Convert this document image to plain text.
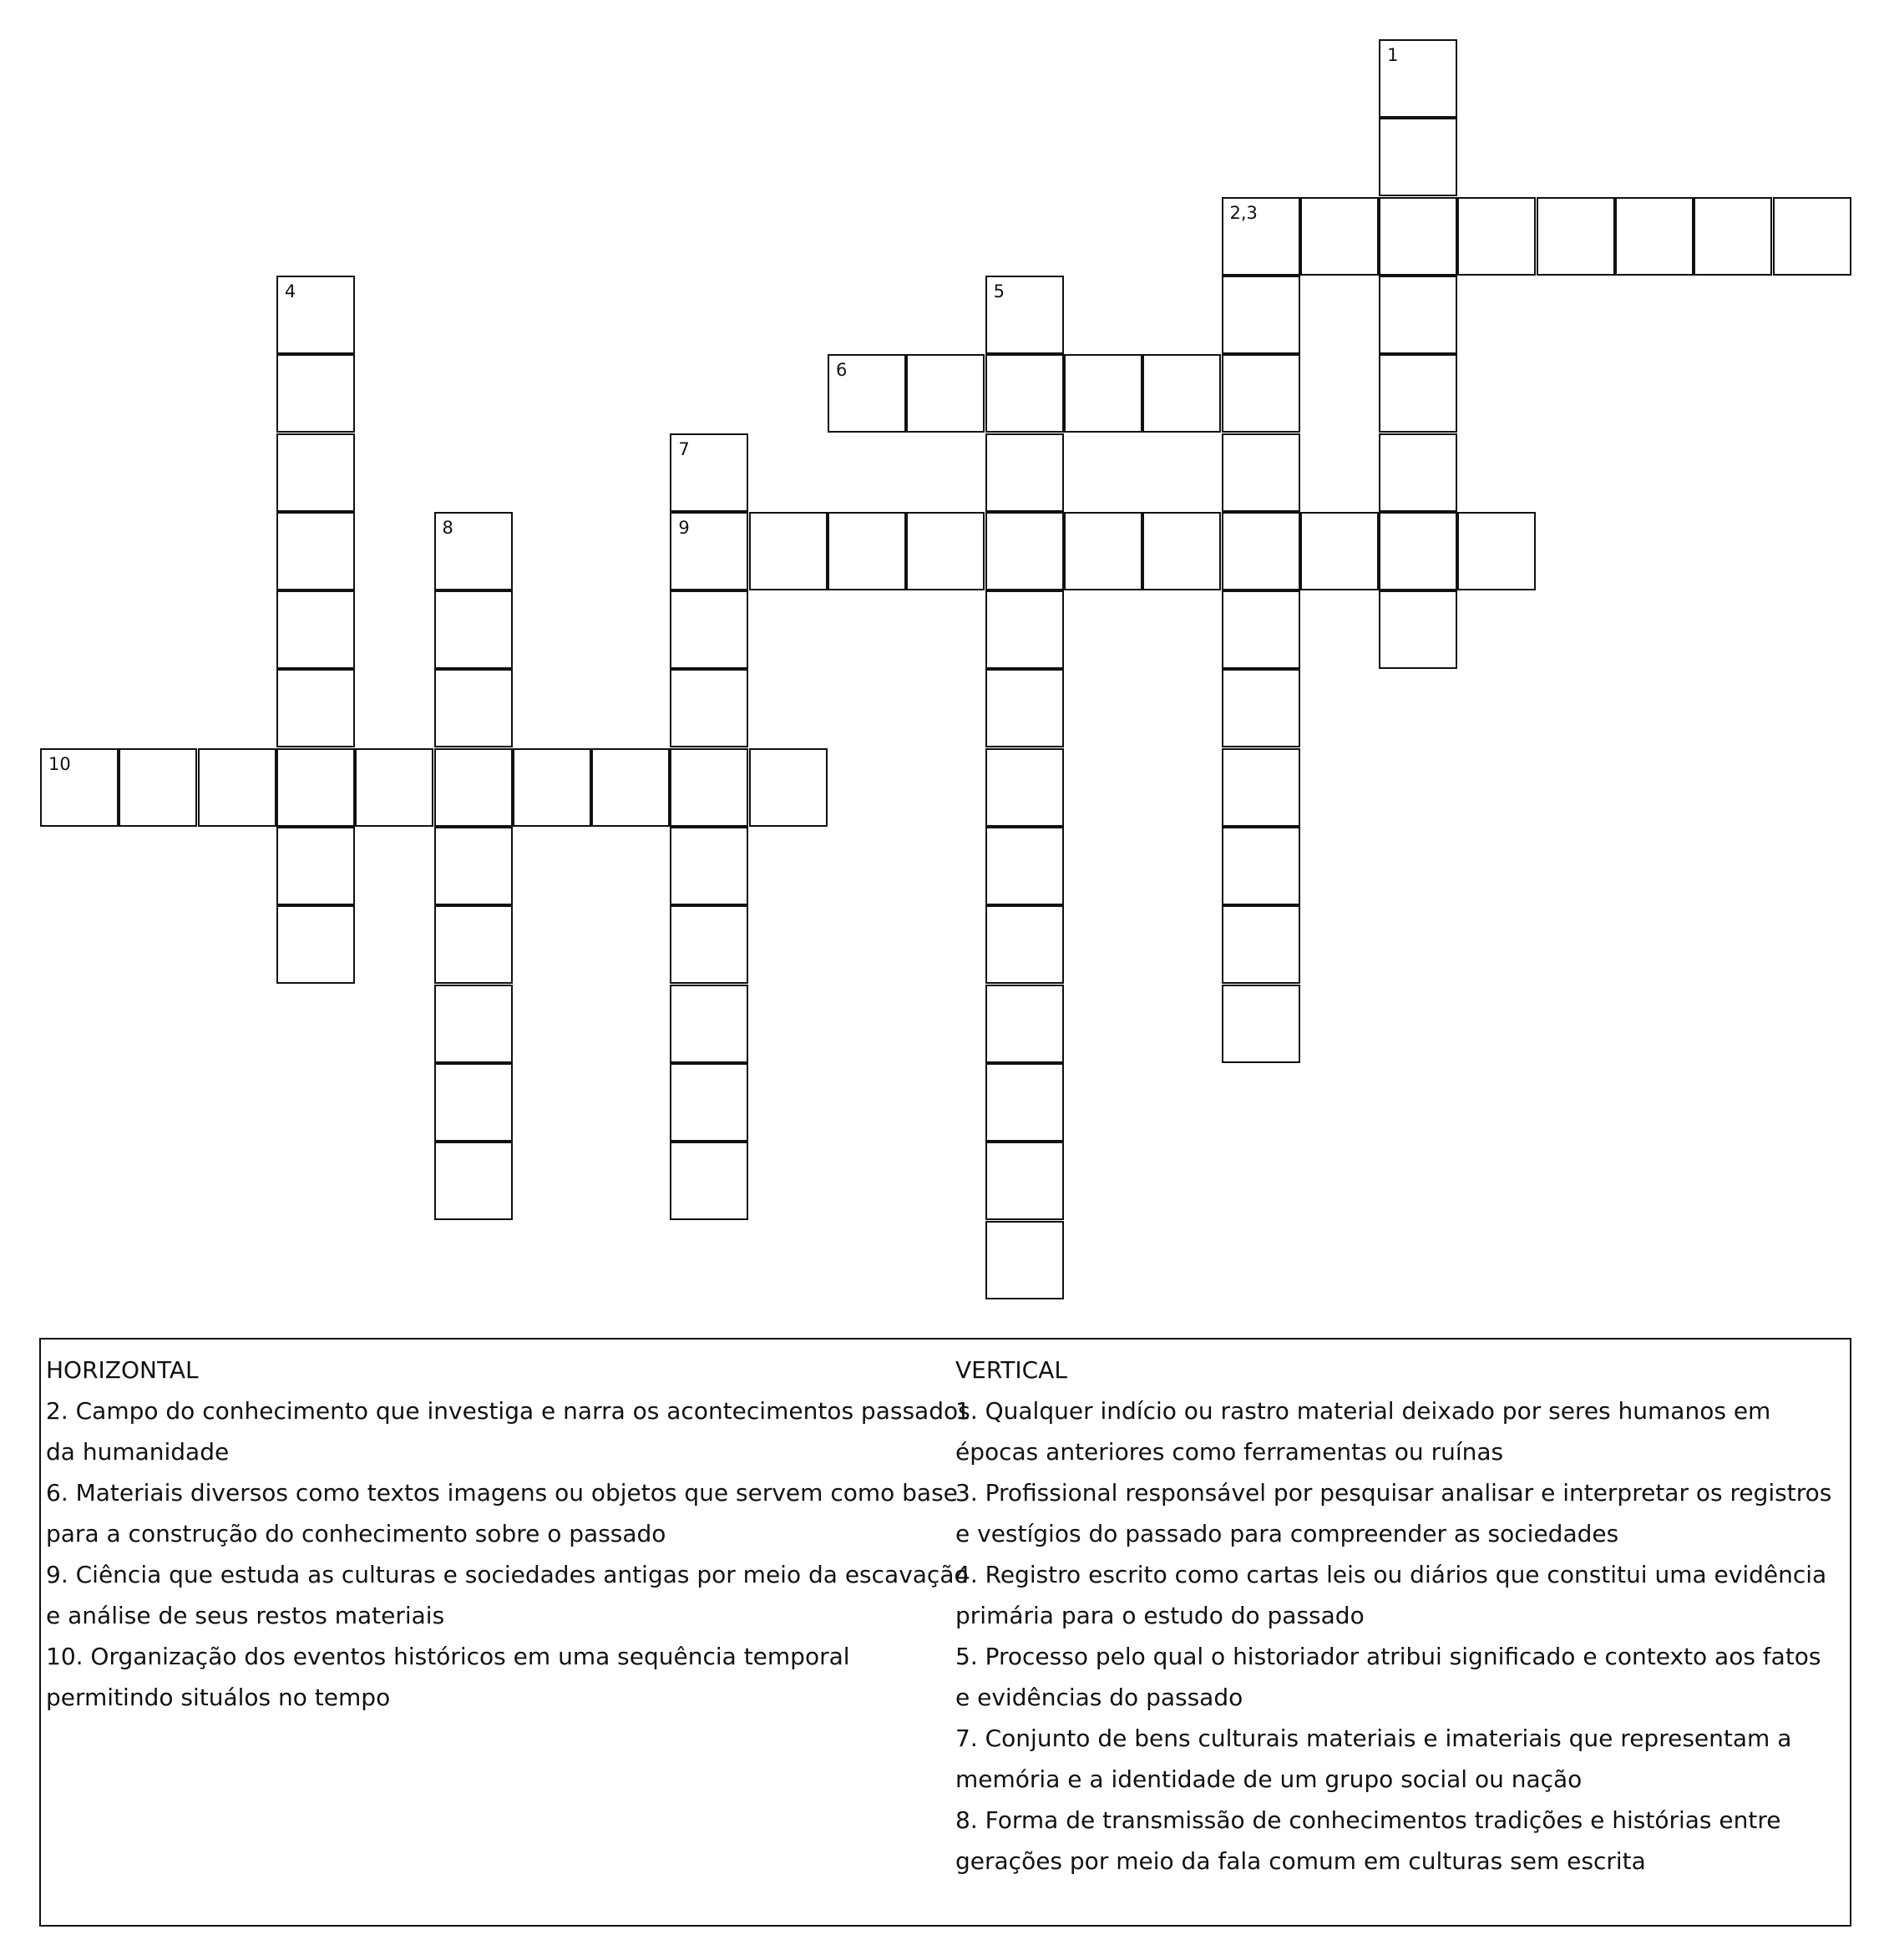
1
2,3
4	5
6
7
8	9
10
HORIZONTAL
2. Campo do conhecimento que investiga e narra os acontecimentos passados da humanidade
6. Materiais diversos como textos imagens ou objetos que servem como base para a construção do conhecimento sobre o passado
9. Ciência que estuda as culturas e sociedades antigas por meio da escavação e análise de seus restos materiais
10. Organização dos eventos históricos em uma sequência temporal permitindo situálos no tempo
VERTICAL
1. Qualquer indício ou rastro material deixado por seres humanos em épocas anteriores como ferramentas ou ruínas
3. Profissional responsável por pesquisar analisar e interpretar os registros e vestígios do passado para compreender as sociedades
4. Registro escrito como cartas leis ou diários que constitui uma evidência primária para o estudo do passado
5. Processo pelo qual o historiador atribui significado e contexto aos fatos e evidências do passado
7. Conjunto de bens culturais materiais e imateriais que representam a memória e a identidade de um grupo social ou nação
8. Forma de transmissão de conhecimentos tradições e histórias entre gerações por meio da fala comum em culturas sem escrita
